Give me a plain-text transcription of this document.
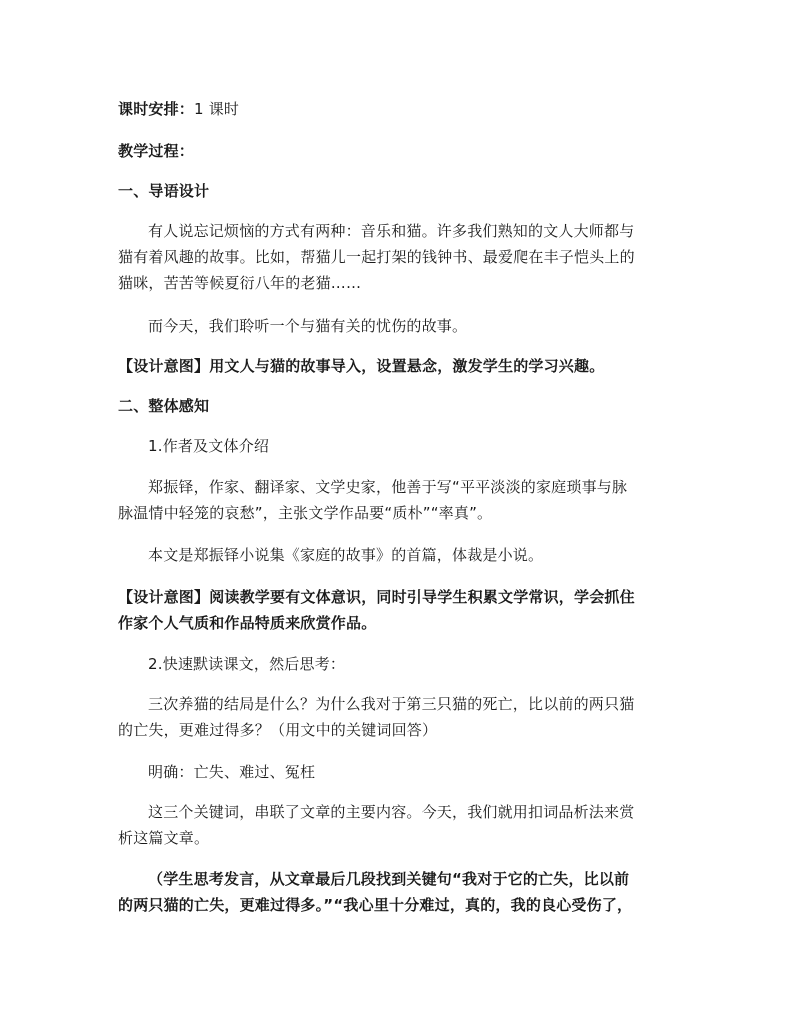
课时安排：1 课时
教学过程：
一、导语设计
有人说忘记烦恼的方式有两种：音乐和猫。许多我们熟知的文人大师都与
猫有着风趣的故事。比如，帮猫儿一起打架的钱钟书、最爱爬在丰子恺头上的
猫咪，苦苦等候夏衍八年的老猫……
而今天，我们聆听一个与猫有关的忧伤的故事。
【设计意图】用文人与猫的故事导入，设置悬念，激发学生的学习兴趣。
二、整体感知
1.作者及文体介绍
郑振铎，作家、翻译家、文学史家，他善于写“平平淡淡的家庭琐事与脉
脉温情中轻笼的哀愁”，主张文学作品要“质朴”“率真”。
本文是郑振铎小说集《家庭的故事》的首篇，体裁是小说。
【设计意图】阅读教学要有文体意识，同时引导学生积累文学常识，学会抓住
作家个人气质和作品特质来欣赏作品。
2.快速默读课文，然后思考：
三次养猫的结局是什么？为什么我对于第三只猫的死亡，比以前的两只猫
的亡失，更难过得多？（用文中的关键词回答）
明确：亡失、难过、冤枉
这三个关键词，串联了文章的主要内容。今天，我们就用扣词品析法来赏
析这篇文章。
（学生思考发言，从文章最后几段找到关键句“我对于它的亡失，比以前
的两只猫的亡失，更难过得多。”“我心里十分难过，真的，我的良心受伤了，
